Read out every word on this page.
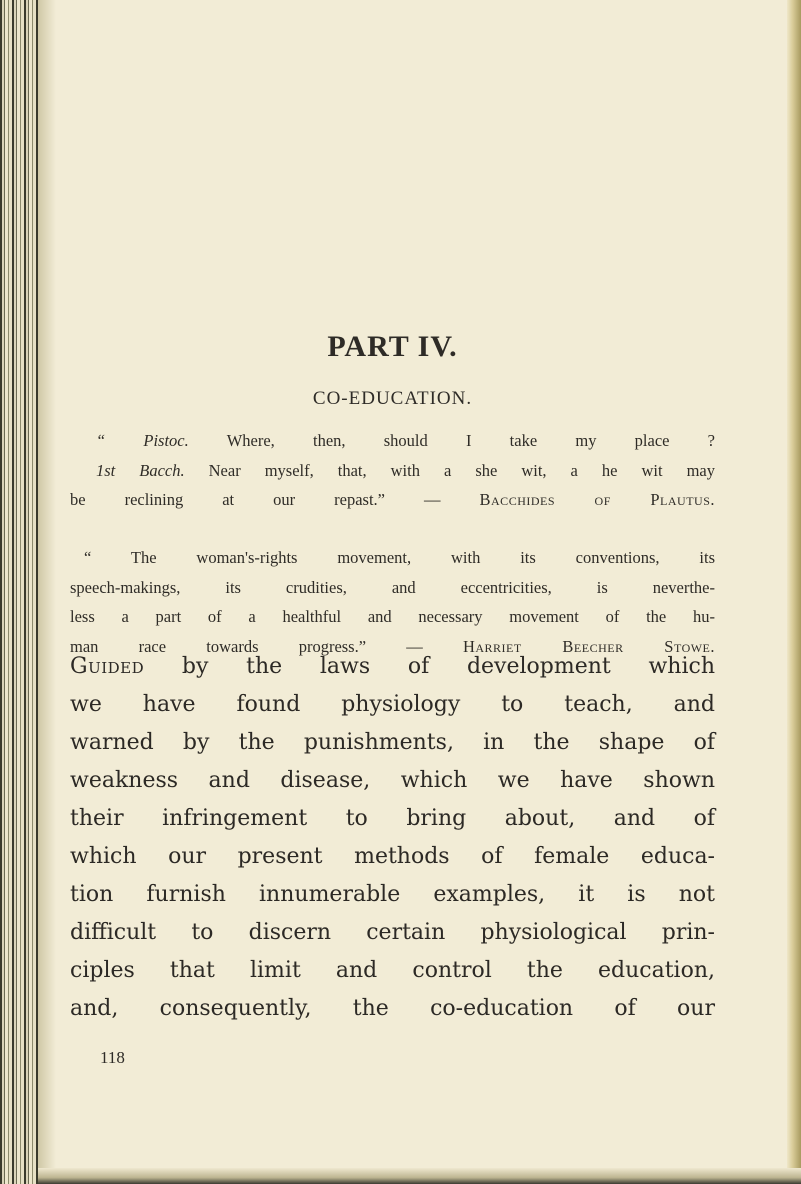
PART IV.
CO-EDUCATION.
“ Pistoc. Where, then, should I take my place ?
1st Bacch. Near myself, that, with a she wit, a he wit may
be reclining at our repast.” — Bacchides of Plautus.
“ The woman's-rights movement, with its conventions, its
speech-makings, its crudities, and eccentricities, is neverthe-
less a part of a healthful and necessary movement of the hu-
man race towards progress.” — Harriet Beecher Stowe.
Guided by the laws of development which
we have found physiology to teach, and
warned by the punishments, in the shape of
weakness and disease, which we have shown
their infringement to bring about, and of
which our present methods of female educa-
tion furnish innumerable examples, it is not
difficult to discern certain physiological prin-
ciples that limit and control the education,
and, consequently, the co-education of our
118
